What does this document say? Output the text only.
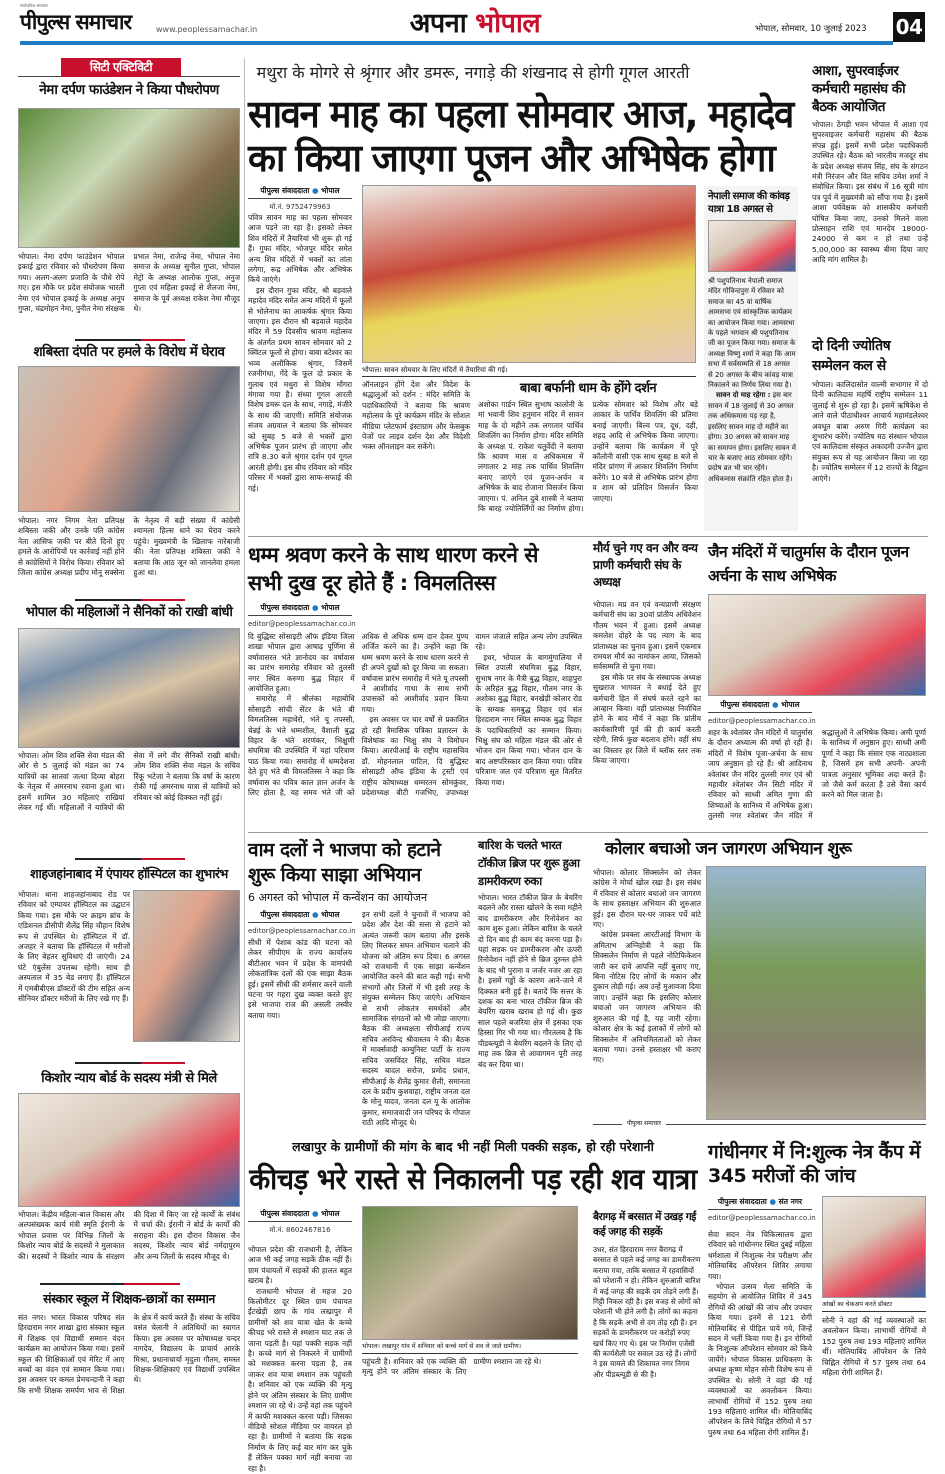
सार्वजनिक समाचार
पीपुल्स समाचार	www.peoplessamachar.in	अपना भोपाल	भोपाल, सोमवार, 10 जुलाई 2023	04
सिटी एक्टिविटी
नेमा दर्पण फाउंडेशन ने किया पौधरोपण

भोपाल। नेमा दर्पण फाउंडेशन भोपाल इकाई द्वारा रविवार को पौधरोपण किया गया। अलग-अलग प्रजाति के पौधे रोपे गए। इस मौके पर प्रदेश संयोजक भारती नेमा एवं भोपाल इकाई के अध्यक्ष अनूप गुप्ता, चंद्रमोहन नेमा, पुनीत नेमा संरक्षक प्रभात नेमा, राजेन्द्र नेमा, भोपाल नेमा समाज के अध्यक्ष सुनील गुप्ता, भोपाल मेट्रो के अध्यक्ष आलोक गुप्ता, अनुज गुप्ता एवं महिला इकाई से शैलजा नेमा, समाज के पूर्व अध्यक्ष राकेश नेमा मौजूद थे।

शबिस्ता दंपति पर हमले के विरोध में घेराव

भोपाल। नगर निगम नेता प्रतिपक्ष शबिस्ता जकी और उनके पति कांग्रेस नेता आसिफ जकी पर बीते दिनों हुए हमले के आरोपियों पर कार्रवाई नहीं होने से कांग्रेसियों ने विरोध किया। रविवार को जिला कांग्रेस अध्यक्ष प्रदीप मोनू सक्सेना के नेतृत्व में बड़ी संख्या में कांग्रेसी श्यामला हिल्स थाने का घेराव करने पहुंचे। मुख्यमंत्री के खिलाफ नारेबाजी की। नेता प्रतिपक्ष शबिस्ता जकी ने बताया कि आठ जून को जानलेवा हमला हुआ था।

भोपाल की महिलाओं ने सैनिकों को राखी बांधी

भोपाल। ओम शिव शक्ति सेवा मंडल की ओर से 5 जुलाई को मंडल का 74 यात्रियों का सातवां जत्था दिव्या बोहरा के नेतृत्व में अमरनाथ रवाना हुआ था। इसमें शामिल 30 महिलाएं राखियां लेकर गई थीं। महिलाओं ने यात्रियों की सेवा में लगे वीर सैनिकों राखी बांधी। ओम शिव शक्ति सेवा मंडल के सचिव रिंकू भटेजा ने बताया कि वर्षा के कारण रोकी गई अमरनाथ यात्रा से यात्रियों को रविवार को कोई दिक्कत नहीं हुई।

शाहजहांनाबाद में एंपायर हॉस्पिटल का शुभारंभ

भोपाल। थाना शाहजहांनाबाद रोड पर रविवार को एम्पायर हॉस्पिटल का उद्घाटन किया गया। इस मौके पर क्राइम ब्रांच के एडिशनल डीसीपी शैलेंद्र सिंह चौहान विशेष रूप से उपस्थित थे। हॉस्पिटल में डॉ. अजहर ने बताया कि हॉस्पिटल में मरीजों के लिए बेहतर सुविधाएं दी जाएंगी। 24 घंटे एंबुलेंस उपलब्ध रहेगी। साथ ही अस्पताल में 35 बेड लगाए हैं। हॉस्पिटल में एमबीबीएस डॉक्टरों की टीम सहित अन्य सीनियर डॉक्टर मरीजों के लिए रखे गए हैं।

किशोर न्याय बोर्ड के सदस्य मंत्री से मिले

भोपाल। केंद्रीय महिला-बाल विकास और अल्पसंख्यक कार्य मंत्री स्मृति ईरानी के भोपाल प्रवास पर विभिन्न जिलों के किशोर न्याय बोर्ड के सदस्यों ने मुलाकात की। सदस्यों ने किशोर न्याय के संरक्षण की दिशा में किए जा रहे कार्यों के संबंध में चर्चा की। ईरानी ने बोर्ड के कार्यों की सराहना की। इस दौरान विकास जैन सदस्य, किशोर न्याय बोर्ड नर्मदापुरम और अन्य जिलों के सदस्य मौजूद थे।

संस्कार स्कूल में शिक्षक-छात्रों का सम्मान

संत नगर। भारत विकास परिषद संत हिरदाराम नगर शाखा द्वारा संस्कार स्कूल में शिक्षक एवं विद्यार्थी सम्मान वंदन कार्यक्रम का आयोजन किया गया। इसमें स्कूल की शिक्षिकाओं एवं मेरिट में आए बच्चों का वंदन एवं सम्मान किया गया। इस अवसर पर कमल प्रेमचन्दानी ने कहा कि सभी शिक्षक समर्पण भाव से शिक्षा के क्षेत्र में कार्य करते हैं। संस्था के सचिव वसंत चेलानी ने अतिथियों का स्वागत किया। इस अवसर पर कोषाध्यक्ष चन्दर नागदेव, विद्यालय के प्राचार्य आरके मिश्रा, प्रधानाचार्या मृदुला गौतम, समस्त शिक्षक-शिक्षिकाएं एवं विद्यार्थी उपस्थित थे।

मथुरा के मोगरे से श्रृंगार और डमरू, नगाड़े की शंखनाद से होगी गूगल आरती
सावन माह का पहला सोमवार आज, महादेव का किया जाएगा पूजन और अभिषेक होगा
पीपुल्स संवाददाता ● भोपाल
मो.नं. 9752479963

पवित्र सावन माह का पहला सोमवार आज पड़ने जा रहा है। इसको लेकर शिव मंदिरों में तैयारियां भी शुरू हो गई हैं। गुफा मंदिर, भोजपुर मंदिर समेत अन्य शिव मंदिरों में भक्तों का तांता लगेगा, रूद्र अभिषेक और अभिषेक किये जाएंगे।

इस दौरान गुफा मंदिर, श्री बड़वाले महादेव मंदिर समेत अन्य मंदिरों में फूलों से भोलेनाथ का आकर्षक श्रृंगार किया जाएगा। इस दौरान श्री बड़वाले महादेव मंदिर में 59 दिवसीय श्रावण महोत्सव के अंतर्गत प्रथम सावन सोमवार को 2 क्विंटल फूलों से होगा। बाबा बटेश्वर का भव्य अलौकिक श्रृंगार, जिसमें रजनीगंधा, गेंदे के फूल दो प्रकार के गुलाब एवं मथुरा से विशेष मोंगरा मंगाया गया है। संध्या गूगल आरती विशेष डमरू दल के साथ, नगाड़े, मंजीरे के साथ की जाएगी। समिति संयोजक संजय अग्रवाल ने बताया कि सोमवार को सुबह 5 बजे से भक्तों द्वारा अभिषेक पूजन प्रारंभ हो जाएगा और रात्रि 8.30 बजे श्रृंगार दर्शन एवं गूगल आरती होगी। इस बीच रविवार को मंदिर परिसर में भक्तों द्वारा साफ-सफाई की गई।

भोपाल। सावन सोमवार के लिए मंदिरों मे तैयारियां की गई।

ऑनलाइन होंगे देश और विदेश के श्रद्धालुओं को दर्शन : मंदिर समिति के पदाधिकारियों ने बताया कि श्रावण महोत्सव के पूरे कार्यक्रम मंदिर के सोशल मीडिया प्लेटफार्म इंस्टाग्राम और फेसबुक पेजों पर लाइव दर्शन देश और विदेशी भक्त ऑनलाइन कर सकेंगे।

बाबा बर्फानी धाम के होंगे दर्शन

अशोका गार्डन स्थित सुभाष कालोनी के मां भवानी शिव हनुमान मंदिर में सावन माह के दो महीने तक लगातार पार्थिव शिवलिंग का निर्माण होगा। मंदिर समिति के अध्यक्ष पं. राकेश चतुर्वेदी ने बताया कि श्रावण मास व अधिकमास में लगातार 2 माह तक पार्थिव शिवलिंग बनाए जाएंगे एवं पूजन-अर्चन व अभिषेक के बाद रोजाना विसर्जन किया जाएगा। पं. अनिल दुबे शास्त्री ने बताया कि बारह ज्योतिर्लिंगों का निर्माण होगा। प्रत्येक सोमवार को विशेष और बड़े आकार के पार्थिव शिवलिंग की प्रतिमा बनाई जाएगी। बिल्व पत्र, दूध, दही, शहद आदि से अभिषेक किया जाएगा। उन्होंने बताया कि कार्यक्रम में पूरे कॉलोनी वासी एक साथ सुबह 8 बजे से मंदिर प्रांगण में आकार शिवलिंग निर्माण करेंगे। 10 बजे से अभिषेक प्रारंभ होगा व शाम को प्रतिदिन विसर्जन किया जाएगा।

नेपाली समाज की कांवड़ यात्रा 18 अगस्त से

श्री पशुपतिनाथ नेपाली समाज मंदिर गोविन्दपुरा में रविवार को समाज का 45 वां वार्षिक आमसभा एवं सांस्कृतिक कार्यक्रम का आयोजन किया गया। आमसभा के पहले भगवान श्री पशुपतिनाथ जी का पूजन किया गया। समाज के अध्यक्ष विष्णु शर्मा ने कहा कि आम सभा में सर्वसम्मति से 18 अगस्त से 20 अगस्त के बीच कांवड़ यात्रा निकालने का निर्णय लिया गया है।

सावन दो माह रहेगा : इस बार सावन में 18 जुलाई से 30 अगस्त तक अधिकमास पड़ रहा है, इसलिए सावन माह दो महीने का होगा। 30 अगस्त को सावन माह का समापन होगा। इसलिए सावन में चार के बजाए आठ सोमवार रहेंगे। प्रदोष व्रत भी चार रहेंगे। अधिकमास संक्रांति रहित होता है।

आशा, सुपरवाईजर कर्मचारी महासंघ की बैठक आयोजित

भोपाल। ठेंगड़ी भवन भोपाल में आशा एवं सुपरवाइजर कर्मचारी महासंघ की बैठक संपन्न हुई। इसमें सभी प्रदेश पदाधिकारी उपस्थित रहे। बैठक को भारतीय मजदूर संघ के प्रदेश अध्यक्ष संजय सिंह, संघ के संगठन मंत्री निरंजन और वित सचिव उमेश शर्मा ने संबोधित किया। इस संबंध में 16 सूत्री मांग पत्र पूर्व में मुख्यमंत्री को सौंपा गया है। इसमें आशा पर्यवेक्षक को शासकीय कर्मचारी घोषित किया जाए, उनको मिलने वाला प्रोत्साहन राशि एवं मानदेय 18000-24000 से कम न हो तथा उन्हें 5,00,000 का स्वास्थ्य बीमा दिया जाए आदि मांग शामिल है।

दो दिनी ज्योतिष सम्मेलन कल से

भोपाल। कालिदासोत वाल्मी सभागार में दो दिनी कालिदास महर्षि राष्ट्रीय सम्मेलन 11 जुलाई से शुरू हो रहा है। इसमें ऋषिकेश से आने वाले पीठाधीश्वर आचार्य महामंडलेश्वर अवधूत बाबा अरुण गिरी कार्यक्रम का शुभारंभ करेंगे। ज्योतिष मठ संस्थान भोपाल एवं कालिदास संस्कृत अकादमी उज्जैन द्वारा संयुक्त रूप से यह आयोजन किया जा रहा है। ज्योतिष सम्मेलन में 12 राज्यों के विद्वान आएंगे।

धम्म श्रवण करने के साथ धारण करने से सभी दुख दूर होते हैं : विमलतिस्स
पीपुल्स संवाददाता ● भोपाल
editor@peoplessamachar.co.in

दि बुद्धिस्ट सोसाइटी ऑफ इंडिया जिला शाखा भोपाल द्वारा आषाढ़ पूर्णिमा से वर्षावासरत भंते ज्ञानोदय का वर्षावास का प्रारंभ समारोह रविवार को तुलसी नगर स्थित करुणा बुद्ध विहार में आयोजित हुआ।

समारोह में श्रीलंका महाबोधि सोसाइटी सांची सेंटर के भंते बी विमलतिस्स महाथेरो, भंते यू तपस्सी, चेन्नई के भंते धम्मशील, वैशाली बुद्ध विहार के भंते शरणंकर, भिक्षुणी संघमित्रा की उपस्थिति में यहां परित्राण पाठ किया गया। समारोह में धम्मदेशना देते हुए भंते बी विमलतिस्स ने कहा कि वर्षावास का पवित्र काल ज्ञान अर्जन के लिए होता है, यह समय भंते जी को अधिक से अधिक धम्म दान देकर पुण्य अर्जित करने का है। उन्होंने कहा कि धम्म श्रवण करने के साथ धारण करने से ही अपने दुखों को दूर किया जा सकता। वर्षावास प्रारंभ समारोह में भंते यू तपस्सी ने आशीर्वाद गाथा के साथ सभी उपासकों को आशीर्वाद प्रदान किया गया।

इस अवसर पर चार वर्षों से प्रकाशित हो रही त्रैमासिक पत्रिका प्रज्ञारत्न के विशेषांक का भिक्षु संघ ने विमोचन किया। आरपीआई के राष्ट्रीय महासचिव डॉ. मोहनलाल पाटिल, दि बुद्धिस्ट सोसाइटी ऑफ इंडिया के ट्रस्टी एवं राष्ट्रीय कोषाध्यक्ष धम्मरतन सोमकुंवर, प्रदेशाध्यक्ष बीटी गजभिए, उपाध्यक्ष वामन जंजाले सहित अन्य लोग उपस्थित रहे।

इधर, भोपाल के बागमुंगालिया में स्थित उपाली संघमित्रा बुद्ध विहार, सुभाष नगर के मैत्री बुद्ध विहार, शाहपुरा के अरिहंत बुद्ध विहार, गौतम नगर के अशोका बुद्ध विहार, बनखेड़ी कोलार रोड के सम्यक समबुद्ध विहार एवं संत हिरदाराम नगर स्थित सम्यक बुद्ध विहार के पदाधिकारियों का सम्मान किया। भिक्षु संघ को महिला मंडल की ओर से भोजन दान किया गया। भोजन दान के बाद अष्टपरिस्कार दान किया गया। पवित्र परित्राण जल एवं परित्राण सूत वितरित किया गया।

मौर्य चुने गए वन और वन्य प्राणी कर्मचारी संघ के अध्यक्ष

भोपाल। मप्र वन एवं वन्यप्राणी संरक्षण कर्मचारी संघ का 30वां प्रांतीय अधिवेशन गौतम भवन में हुआ। इसमें अध्यक्ष कमलेश दोहरे के पद त्याग के बाद प्रांताध्यक्ष का चुनाव हुआ। इसमें एकमात्र रामयश मौर्य का नामांकन आया, जिसको सर्वसम्मति से चुना गया।

इस मौके पर संघ के संस्थापक अध्यक्ष सुखराज भागवत ने बधाई देते हुए कर्मचारी हित में संघर्ष करते रहने का आव्हान किया। वहीं प्रांताध्यक्ष निर्वाचित होने के बाद मौर्य ने कहा कि प्रांतीय कार्यकारिणी पूर्व की ही कार्य करती रहेगी, सिर्फ कुछ बदलाव होंगे। वहीं संघ का विस्तार हर जिले में ब्लॉक स्तर तक किया जाएगा।

जैन मंदिरों में चातुर्मास के दौरान पूजन अर्चना के साथ अभिषेक
पीपुल्स संवाददाता ● भोपाल
editor@peoplessamachar.co.in

शहर के श्वेतांबर जैन मंदिरों में चातुर्मास के दौरान अध्यात्म की वर्षा हो रही है। मंदिरों में विशेष पूजा-अर्चना के साथ जाप अनुष्ठान हो रहे हैं। श्री आदिनाथ श्वेतांबर जैन मंदिर तुलसी नगर एवं श्री महावीर श्वेतांबर जैन सिटी मंदिर में रविवार को साध्वी अमित गुणा की शिष्याओं के सानिध्य में अभिषेक हुआ। तुलसी नगर श्वेतांबर जैन मंदिर में श्रद्धालुओं ने अभिषेक किया। अमी पूर्णा के सानिध्य में अनुष्ठान हुए। साध्वी अमी पूर्णा ने कहा कि संसार एक नाट्यशाला है, जिसमें हम सभी अपनी- अपनी पात्रता अनुसार भूमिका अदा करते हैं। जो जैसे कर्म करता है उसे वैसा कार्य करने को मिल जाता है।

वाम दलों ने भाजपा को हटाने शुरू किया साझा अभियान
6 अगस्त को भोपाल में कन्वेंशन का आयोजन
पीपुल्स संवाददाता ● भोपाल
editor@peoplessamachar.co.in

सीधी में पेशाब कांड की घटना को लेकर सीपीएम के राज्य कार्यालय बीटीआर भवन में प्रदेश के वामपंथी लोकतांत्रिक दलों की एक साझा बैठक हुई। इसमें सीधी की शर्मसार करने वाली घटना पर गहरा दुख व्यक्त करते हुए इसे भाजपा राज की असली तस्वीर बताया गया।

इन सभी दलों ने चुनावों में भाजपा को प्रदेश और देश की सत्ता से हटाने को अत्यंत जरूरी काम बताया और इसके लिए मिलकर सघन अभियान चलाने की योजना को अंतिम रूप दिया। 6 अगस्त को राजधानी में एक साझा कन्वेंशन आयोजित करने की बात कही गई। सभी संभागों और जिलों में भी इसी तरह के संयुक्त सम्मेलन किए जाएंगे। अभियान से सभी लोकतंत्र समर्थकों और सामाजिक संगठनों को भी जोड़ा जाएगा। बैठक की अध्यक्षता सीपीआई राज्य सचिव अरविन्द श्रीवास्तव ने की। बैठक में मार्क्सवादी कम्युनिस्ट पार्टी के राज्य सचिव जसविंदर सिंह, सचिव मंडल सदस्य बादल सरोज, प्रमोद प्रधान, सीपीआई के शैलेंद्र कुमार शैली, समानता दल के प्रदीप कुशवाहा, राष्ट्रीय जनता दल के मोनू यादव, जनता दल यू के आलोक कुमार, समाजवादी जन परिषद के गोपाल राठी आदि मौजूद थे।

बारिश के चलते भारत टॉकीज ब्रिज पर शुरू हुआ डामरीकरण रुका

भोपाल। भारत टॉकीज ब्रिज के बेयरिंग बदलने और रास्ता खोलने के सवा महीने बाद डामरीकरण और रिनोवेशन का काम शुरू हुआ। लेकिन बारिश के चलते दो दिन बाद ही काम बंद करना पड़ा है। यहां सड़क पर डामरीकरण और ऊपरी रिनोवेशन नहीं होने से ब्रिज दुरुस्त होने के बाद भी पुराना व जर्जर नजर आ रहा है। इसमें गड्ढों के कारण आने-जाने में दिक्कत बनी हुई है। बतादें कि सत्तर के दशक का बना भारत टॉकीज ब्रिज की बेयरिंग खराब खराब हो गई थी। कुछ साल पहले बजरिया क्षेत्र में इसका एक हिस्सा गिर भी गया था। गौरतलब है कि पीडब्ल्यूडी ने बेयरिंग बदलने के लिए दो माह तक ब्रिज से आवागमन पूरी तरह बंद कर दिया था।

कोलार बचाओ जन जागरण अभियान शुरू

भोपाल। कोलार सिक्सलेन को लेकर कांग्रेस ने मोर्चा खोल रखा है। इस संबंध में रविवार से कोलार बचाओ जन जागरण के साथ हस्ताक्षर अभियान की शुरुआत हुई। इस दौरान घर-घर जाकर पर्चे बांटे गए।

कांग्रेस प्रवक्ता आरटीआई विभाग के अमिताभ अग्निहोत्री ने कहा कि सिक्सलेन निर्माण से पहले नोटिफिकेशन जारी कर दावे आपत्ति नहीं बुलाए गए, बिना नोटिस दिए लोगों के मकान और दुकान तोड़ी गई। अब उन्हें मुआवजा दिया जाए। उन्होंने कहा कि इसलिए कोलार बचाओ जन जागरण अभियान की शुरुआत की गई है, यह जारी रहेगा। कोलार क्षेत्र के कई इलाकों में लोगों को सिक्सलेन में अनियमितताओं को लेकर बताया गया। उनसे हस्ताक्षर भी कराए गए।

पीपुल्स समाचार
लखापुर के ग्रामीणों की मांग के बाद भी नहीं मिली पक्की सड़क, हो रही परेशानी
कीचड़ भरे रास्ते से निकालनी पड़ रही शव यात्रा
पीपुल्स संवाददाता ● भोपाल
मो.नं. 8602467816

भोपाल प्रदेश की राजधानी है, लेकिन आज भी कई जगह सड़कें ठीक नहीं हैं। ग्राम पंचायतों में सड़कों की हालत बहुत खराब है।

राजधानी भोपाल से महज 20 किलोमीटर दूर स्थित ग्राम पंचायत ईंटखेड़ी छाप के गांव लखापुर में ग्रामीणों को शव यात्रा खेत के कच्चे कीचड़ भरे रास्ते से श्मशान घाट तक ले जाना पड़ती है। यहां पक्की सड़क नहीं है। कच्चे मार्ग से निकलने में ग्रामीणों को मशक्कत करना पड़ता है, तब जाकर शव यात्रा श्मशान तक पहुंचती है। शनिवार को एक व्यक्ति की मृत्यु होने पर अंतिम संस्कार के लिए ग्रामीण श्मशान जा रहे थे। उन्हें वहां तक पहुंचने में काफी मशक्कत करना पड़ी। जिसका वीडियो सोशल मीडिया पर वायरल हो रहा है। ग्रामीणों ने बताया कि सड़क निर्माण के लिए कई बार मांग कर चुके हैं लेकिन पक्का मार्ग नहीं बनाया जा रहा है।

भोपाल। लखापुर गांव में शनिवार को कच्चे मार्ग से शव ले जाते ग्रामीण।

पहुंचती है। शनिवार को एक व्यक्ति की मृत्यु होने पर अंतिम संस्कार के लिए ग्रामीण श्मशान जा रहे थे।

बैरागढ़ में बरसात में उखड़ गईं कई जगह की सड़कें

उधर, संत हिरदाराम नगर बैरागढ़ में बरसात से पहले कई जगह का डामरीकरण कराया गया, ताकि बरसात में रहवासियों को परेशानी न हो। लेकिन शुरुआती बारिश में कई जगह की सड़कें दम तोड़ने लगी हैं। गिट्टी निकल रही है। इस वजह से लोगों को परेशानी भी होने लगी है। लोगों का कहना है कि सड़कें अभी से दम तोड़ रही हैं। इन सड़कों के डामरीकरण पर करोड़ों रुपए खर्च किए गए थे। इस पर निर्माण एजेंसी की कार्यशैली पर सवाल उठ रहे हैं। लोगों ने इस मामले की शिकायत नगर निगम और पीडब्ल्यूडी से की है।

गांधीनगर में नि:शुल्क नेत्र कैंप में 345 मरीजों की जांच
पीपुल्स संवाददाता ● संत नगर
editor@peoplessamachar.co.in

सेवा सदन नेत्र चिकित्सालय द्वारा रविवार को गांधीनगर स्थित दुबई महिला धर्मशाला में निःशुल्क नेत्र परीक्षण और मोतियाबिंद ऑपरेशन शिविर लगाया गया।

भोपाल उत्सव मेला समिति के सहयोग से आयोजित शिविर में 345 रोगियों की आंखों की जांच और उपचार किया गया। इनमें से 121 रोगी मोतियाबिंद से पीड़ित पाये गये, जिन्हें सदन में भर्ती किया गया है। इन रोगियों के निःशुल्क ऑपरेशन सोमवार को किये जायेंगे। भोपाल विकास प्राधिकरण के अध्यक्ष कृष्ण मोहन सोनी विशेष रूप से उपस्थित थे। सोनी ने वहां की गई व्यवस्थाओं का अवलोकन किया। लाभार्थी रोगियों में 152 पुरुष तथा 193 महिलाएं शामिल थीं। मोतियाबिंद ऑपरेशन के लिये चिह्नित रोगियों में 57 पुरुष तथा 64 महिला रोगी शामिल हैं।

आंखों का चेकअप करते डॉक्टर

सोनी ने वहां की गई व्यवस्थाओं का अवलोकन किया। लाभार्थी रोगियों में 152 पुरुष तथा 193 महिलाएं शामिल थीं। मोतियाबिंद ऑपरेशन के लिये चिह्नित रोगियों में 57 पुरुष तथा 64 महिला रोगी शामिल हैं।
